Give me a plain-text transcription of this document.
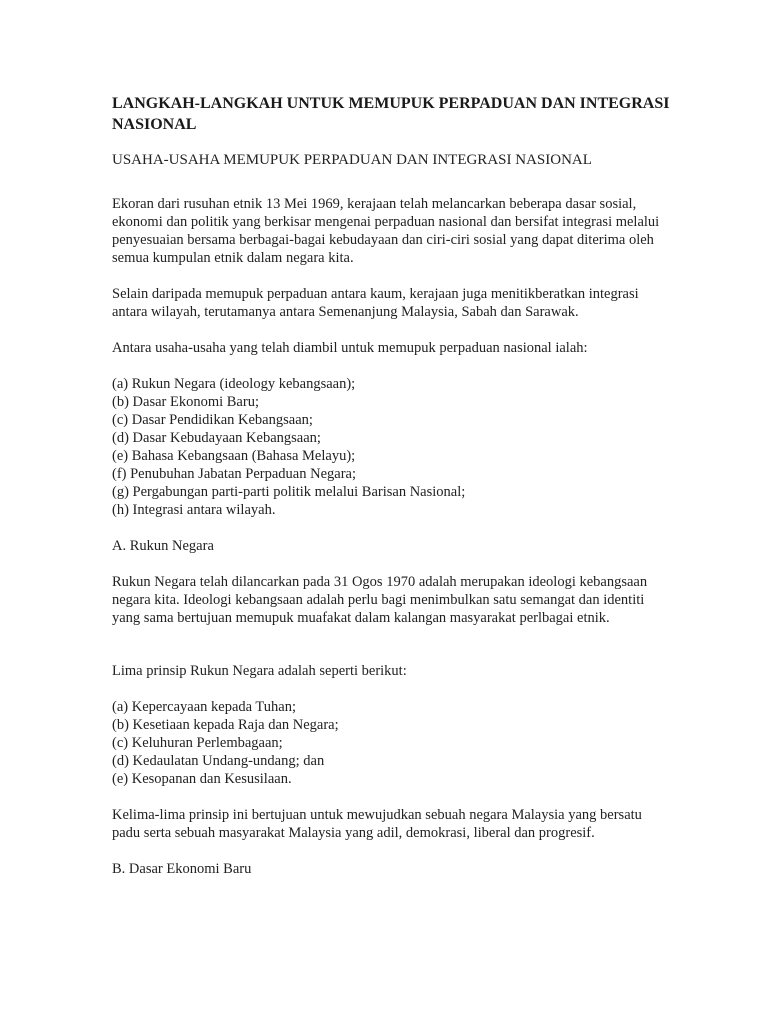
LANGKAH-LANGKAH UNTUK MEMUPUK PERPADUAN DAN INTEGRASI NASIONAL

USAHA-USAHA MEMUPUK PERPADUAN DAN INTEGRASI NASIONAL

Ekoran dari rusuhan etnik 13 Mei 1969, kerajaan telah melancarkan beberapa dasar sosial, ekonomi dan politik yang berkisar mengenai perpaduan nasional dan bersifat integrasi melalui penyesuaian bersama berbagai-bagai kebudayaan dan ciri-ciri sosial yang dapat diterima oleh semua kumpulan etnik dalam negara kita.

Selain daripada memupuk perpaduan antara kaum, kerajaan juga menitikberatkan integrasi antara wilayah, terutamanya antara Semenanjung Malaysia, Sabah dan Sarawak.

Antara usaha-usaha yang telah diambil untuk memupuk perpaduan nasional ialah:

(a) Rukun Negara (ideology kebangsaan);
(b) Dasar Ekonomi Baru;
(c) Dasar Pendidikan Kebangsaan;
(d) Dasar Kebudayaan Kebangsaan;
(e) Bahasa Kebangsaan (Bahasa Melayu);
(f) Penubuhan Jabatan Perpaduan Negara;
(g) Pergabungan parti-parti politik melalui Barisan Nasional;
(h) Integrasi antara wilayah.

A. Rukun Negara

Rukun Negara telah dilancarkan pada 31 Ogos 1970 adalah merupakan ideologi kebangsaan negara kita. Ideologi kebangsaan adalah perlu bagi menimbulkan satu semangat dan identiti yang sama bertujuan memupuk muafakat dalam kalangan masyarakat perlbagai etnik.

Lima prinsip Rukun Negara adalah seperti berikut:

(a) Kepercayaan kepada Tuhan;
(b) Kesetiaan kepada Raja dan Negara;
(c) Keluhuran Perlembagaan;
(d) Kedaulatan Undang-undang; dan
(e) Kesopanan dan Kesusilaan.

Kelima-lima prinsip ini bertujuan untuk mewujudkan sebuah negara Malaysia yang bersatu padu serta sebuah masyarakat Malaysia yang adil, demokrasi, liberal dan progresif.

B. Dasar Ekonomi Baru
